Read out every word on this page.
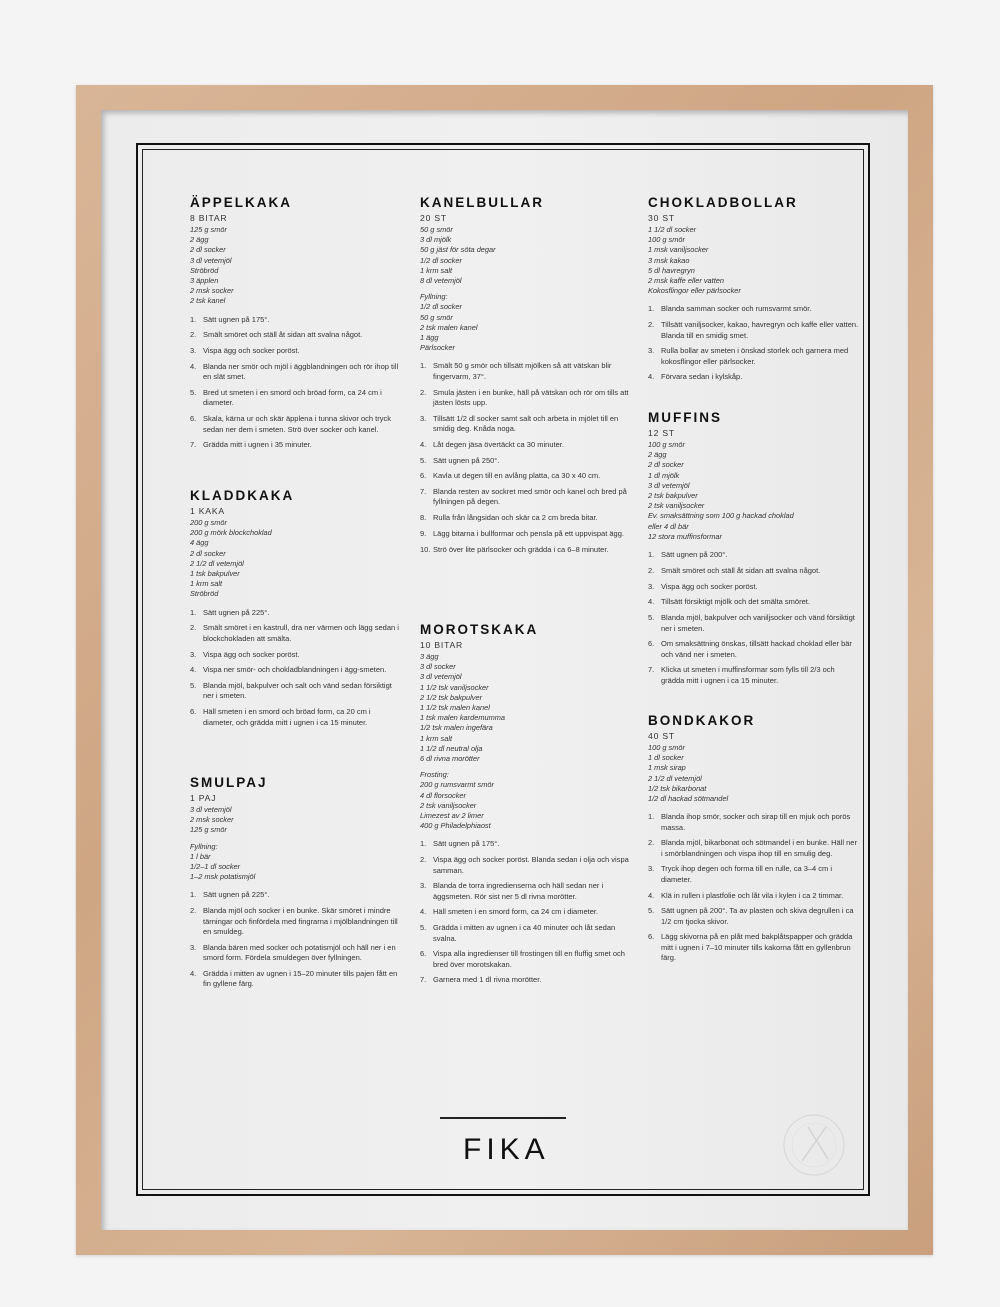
ÄPPELKAKA
8 BITAR
125 g smör
2 ägg
2 dl socker
3 dl vetemjöl
Ströbröd
3 äpplen
2 msk socker
2 tsk kanel
1. Sätt ugnen på 175°.
2. Smält smöret och ställ åt sidan att svalna något.
3. Vispa ägg och socker poröst.
4. Blanda ner smör och mjöl i äggblandningen och rör ihop till en slät smet.
5. Bred ut smeten i en smord och bröad form, ca 24 cm i diameter.
6. Skala, kärna ur och skär äpplena i tunna skivor och tryck sedan ner dem i smeten. Strö över socker och kanel.
7. Grädda mitt i ugnen i 35 minuter.
KLADDKAKA
1 KAKA
200 g smör
200 g mörk blockchoklad
4 ägg
2 dl socker
2 1/2 dl vetemjöl
1 tsk bakpulver
1 krm salt
Ströbröd
1. Sätt ugnen på 225°.
2. Smält smöret i en kastrull, dra ner värmen och lägg sedan i blockchokladen att smälta.
3. Vispa ägg och socker poröst.
4. Vispa ner smör- och chokladblandningen i ägg-smeten.
5. Blanda mjöl, bakpulver och salt och vänd sedan försiktigt ner i smeten.
6. Häll smeten i en smord och bröad form, ca 20 cm i diameter, och grädda mitt i ugnen i ca 15 minuter.
SMULPAJ
1 PAJ
3 dl vetemjöl
2 msk socker
125 g smör
Fyllning:
1 l bär
1/2–1 dl socker
1–2 msk potatismjöl
1. Sätt ugnen på 225°.
2. Blanda mjöl och socker i en bunke. Skär smöret i mindre tärningar och finfördela med fingrarna i mjölblandningen till en smuldeg.
3. Blanda bären med socker och potatismjöl och häll ner i en smord form. Fördela smuldegen över fyllningen.
4. Grädda i mitten av ugnen i 15–20 minuter tills pajen fått en fin gyllene färg.
KANELBULLAR
20 ST
50 g smör
3 dl mjölk
50 g jäst för söta degar
1/2 dl socker
1 krm salt
8 dl vetemjöl
Fyllning:
1/2 dl socker
50 g smör
2 tsk malen kanel
1 ägg
Pärlsocker
1. Smält 50 g smör och tillsätt mjölken så att vätskan blir fingervarm, 37°.
2. Smula jästen i en bunke, häll på vätskan och rör om tills att jästen lösts upp.
3. Tillsätt 1/2 dl socker samt salt och arbeta in mjölet till en smidig deg. Knåda noga.
4. Låt degen jäsa övertäckt ca 30 minuter.
5. Sätt ugnen på 250°.
6. Kavla ut degen till en avlång platta, ca 30 x 40 cm.
7. Blanda resten av sockret med smör och kanel och bred på fyllningen på degen.
8. Rulla från långsidan och skär ca 2 cm breda bitar.
9. Lägg bitarna i bullformar och pensla på ett uppvispat ägg.
10. Strö över lite pärlsocker och grädda i ca 6–8 minuter.
MOROTSKAKA
10 BITAR
3 ägg
3 dl socker
3 dl vetemjöl
1 1/2 tsk vaniljsocker
2 1/2 tsk bakpulver
1 1/2 tsk malen kanel
1 tsk malen kardemumma
1/2 tsk malen ingefära
1 krm salt
1 1/2 dl neutral olja
6 dl rivna morötter
Frosting:
200 g rumsvarmt smör
4 dl florsocker
2 tsk vaniljsocker
Limezest av 2 limer
400 g Philadelphiaost
1. Sätt ugnen på 175°.
2. Vispa ägg och socker poröst. Blanda sedan i olja och vispa samman.
3. Blanda de torra ingredienserna och häll sedan ner i äggsmeten. Rör sist ner 5 dl rivna morötter.
4. Häll smeten i en smord form, ca 24 cm i diameter.
5. Grädda i mitten av ugnen i ca 40 minuter och låt sedan svalna.
6. Vispa alla ingredienser till frostingen till en fluffig smet och bred över morotskakan.
7. Garnera med 1 dl rivna morötter.
CHOKLADBOLLAR
30 ST
1 1/2 dl socker
100 g smör
1 msk vaniljsocker
3 msk kakao
5 dl havregryn
2 msk kaffe eller vatten
Kokosflingor eller pärlsocker
1. Blanda samman socker och rumsvarmt smör.
2. Tillsätt vaniljsocker, kakao, havregryn och kaffe eller vatten. Blanda till en smidig smet.
3. Rulla bollar av smeten i önskad storlek och garnera med kokosflingor eller pärlsocker.
4. Förvara sedan i kylskåp.
MUFFINS
12 ST
100 g smör
2 ägg
2 dl socker
1 dl mjölk
3 dl vetemjöl
2 tsk bakpulver
2 tsk vaniljsocker
Ev. smaksättning som 100 g hackad choklad
eller 4 dl bär
12 stora muffinsformar
1. Sätt ugnen på 200°.
2. Smält smöret och ställ åt sidan att svalna något.
3. Vispa ägg och socker poröst.
4. Tillsätt försiktigt mjölk och det smälta smöret.
5. Blanda mjöl, bakpulver och vaniljsocker och vänd försiktigt ner i smeten.
6. Om smaksättning önskas, tillsätt hackad choklad eller bär och vänd ner i smeten.
7. Klicka ut smeten i muffinsformar som fylls till 2/3 och grädda mitt i ugnen i ca 15 minuter.
BONDKAKOR
40 ST
100 g smör
1 dl socker
1 msk sirap
2 1/2 dl vetemjöl
1/2 tsk bikarbonat
1/2 dl hackad sötmandel
1. Blanda ihop smör, socker och sirap till en mjuk och porös massa.
2. Blanda mjöl, bikarbonat och sötmandel i en bunke. Häll ner i smörblandningen och vispa ihop till en smulig deg.
3. Tryck ihop degen och forma till en rulle, ca 3–4 cm i diameter.
4. Klä in rullen i plastfolie och låt vila i kylen i ca 2 timmar.
5. Sätt ugnen på 200°. Ta av plasten och skiva degrullen i ca 1/2 cm tjocka skivor.
6. Lägg skivorna på en plåt med bakplåtspapper och grädda mitt i ugnen i 7–10 minuter tills kakorna fått en gyllenbrun färg.
FIKA
